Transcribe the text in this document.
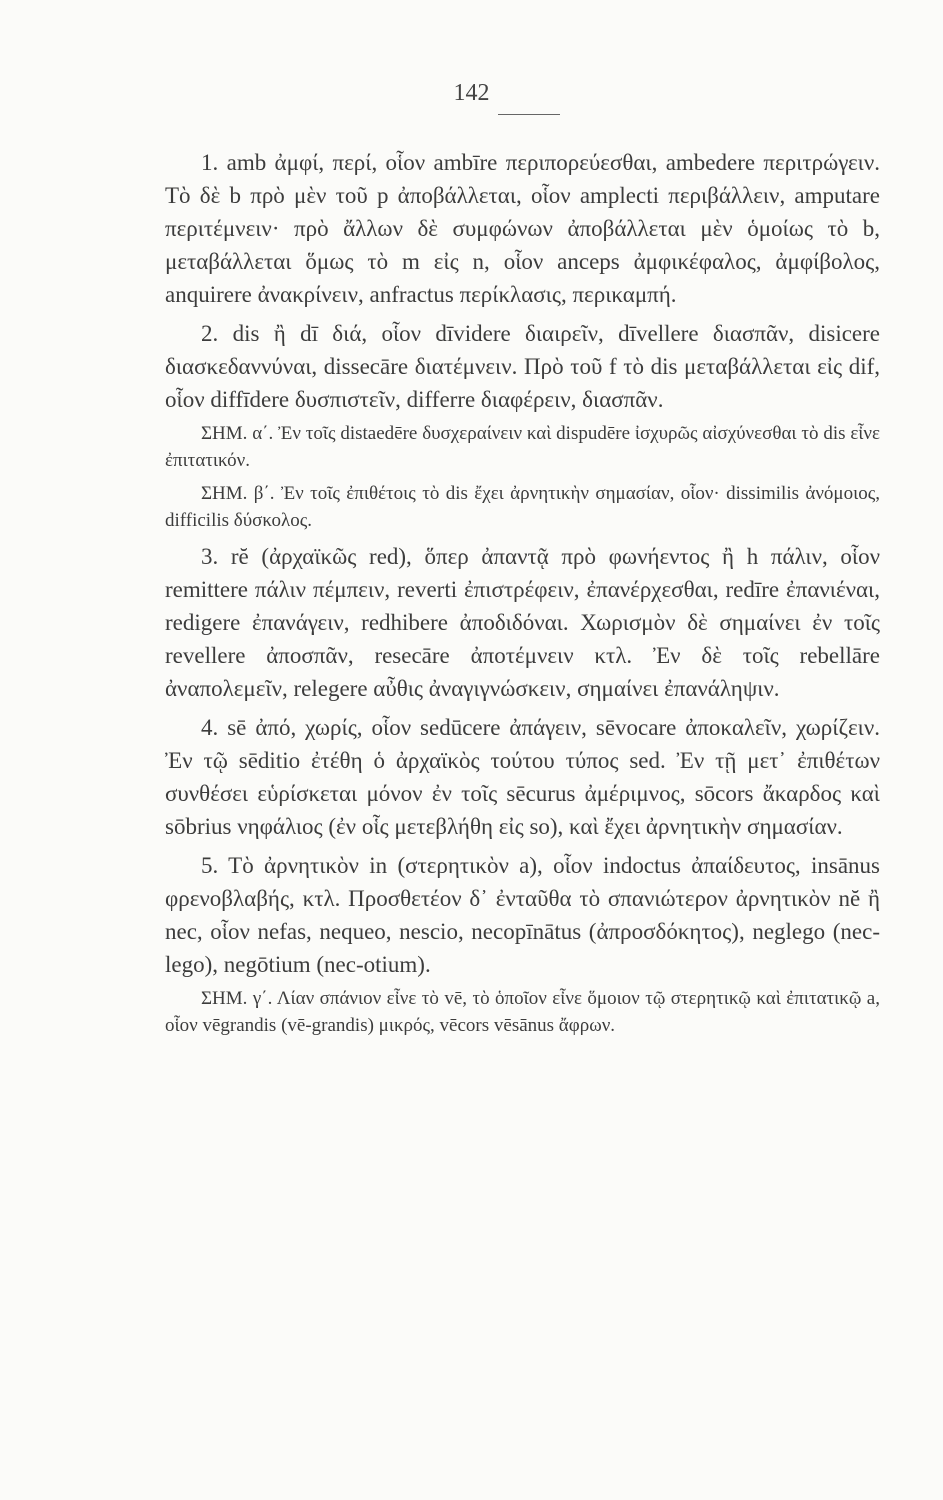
142

1. amb ἀμφί, περί, οἷον ambīre περιπορεύεσθαι, ambedere περιτρώγειν. Τὸ δὲ b πρὸ μὲν τοῦ p ἀποβάλλεται, οἷον amplecti περιβάλλειν, amputare περιτέμνειν· πρὸ ἄλλων δὲ συμφώνων ἀποβάλλεται μὲν ὁμοίως τὸ b, μεταβάλλεται ὅμως τὸ m εἰς n, οἷον anceps ἀμφικέφαλος, ἀμφίβολος, anquirere ἀνακρίνειν, anfractus περίκλασις, περικαμπή.

2. dis ἢ dī διά, οἷον dīvidere διαιρεῖν, dīvellere διασπᾶν, disicere διασκεδαννύναι, dissecāre διατέμνειν. Πρὸ τοῦ f τὸ dis μεταβάλλεται εἰς dif, οἷον diffīdere δυσπιστεῖν, differre διαφέρειν, διασπᾶν.

ΣΗΜ. α΄. Ἐν τοῖς distaedēre δυσχεραίνειν καὶ dispudēre ἰσχυρῶς αἰσχύνεσθαι τὸ dis εἶνε ἐπιτατικόν.

ΣΗΜ. β΄. Ἐν τοῖς ἐπιθέτοις τὸ dis ἔχει ἀρνητικὴν σημασίαν, οἷον· dissimilis ἀνόμοιος, difficilis δύσκολος.

3. rĕ (ἀρχαϊκῶς red), ὅπερ ἀπαντᾷ πρὸ φωνήεντος ἢ h πάλιν, οἷον remittere πάλιν πέμπειν, reverti ἐπιστρέφειν, ἐπανέρχεσθαι, redīre ἐπανιέναι, redigere ἐπανάγειν, redhibere ἀποδιδόναι. Χωρισμὸν δὲ σημαίνει ἐν τοῖς revellere ἀποσπᾶν, resecāre ἀποτέμνειν κτλ. Ἐν δὲ τοῖς rebellāre ἀναπολεμεῖν, relegere αὖθις ἀναγιγνώσκειν, σημαίνει ἐπανάληψιν.

4. sē ἀπό, χωρίς, οἷον sedūcere ἀπάγειν, sēvocare ἀποκαλεῖν, χωρίζειν. Ἐν τῷ sēditio ἐτέθη ὁ ἀρχαϊκὸς τούτου τύπος sed. Ἐν τῇ μετ᾽ ἐπιθέτων συνθέσει εὑρίσκεται μόνον ἐν τοῖς sēcurus ἀμέριμνος, sōcors ἄκαρδος καὶ sōbrius νηφάλιος (ἐν οἷς μετεβλήθη εἰς so), καὶ ἔχει ἀρνητικὴν σημασίαν.

5. Τὸ ἀρνητικὸν in (στερητικὸν a), οἷον indoctus ἀπαίδευτος, insānus φρενοβλαβής, κτλ. Προσθετέον δ᾽ ἐνταῦθα τὸ σπανιώτερον ἀρνητικὸν nĕ ἢ nec, οἷον nefas, nequeo, nescio, necopīnātus (ἀπροσδόκητος), neglego (nec-lego), negōtium (nec-otium).

ΣΗΜ. γ΄. Λίαν σπάνιον εἶνε τὸ vē, τὸ ὁποῖον εἶνε ὅμοιον τῷ στερητικῷ καὶ ἐπιτατικῷ a, οἷον vēgrandis (vē-grandis) μικρός, vēcors vēsānus ἄφρων.
